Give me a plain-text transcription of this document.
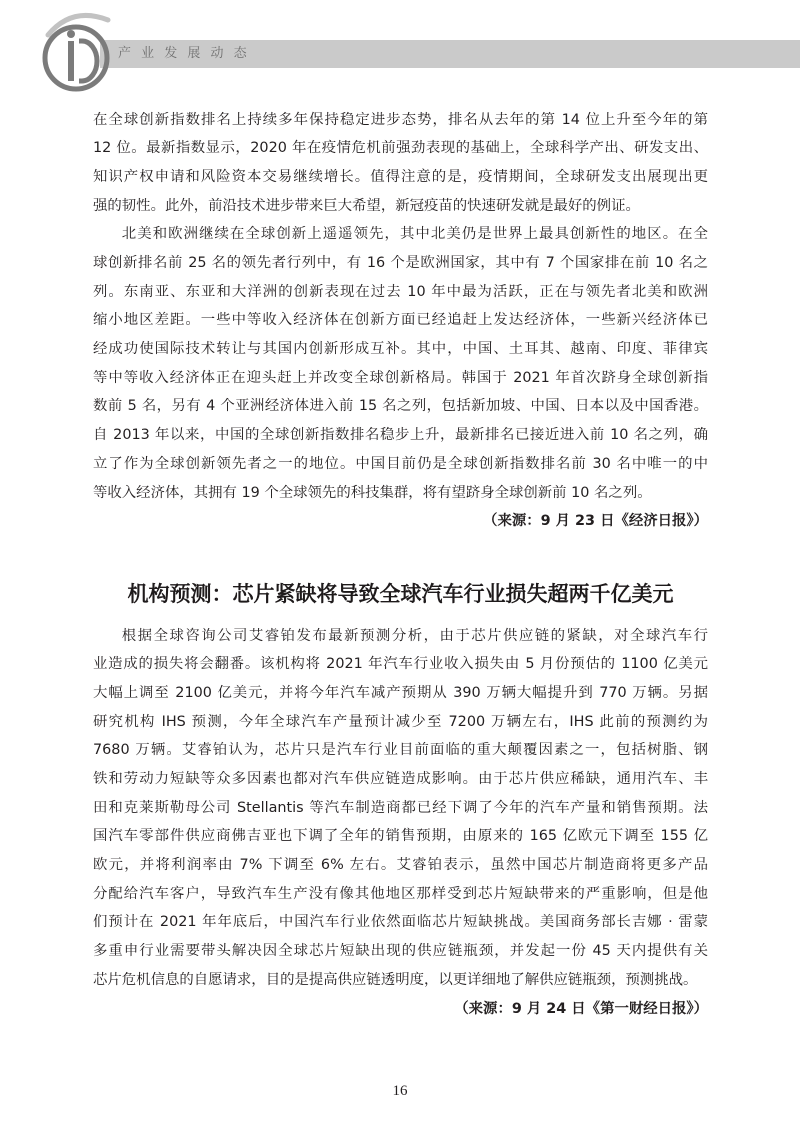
产 业 发 展 动 态
在全球创新指数排名上持续多年保持稳定进步态势，排名从去年的第 14 位上升至今年的第
12 位。最新指数显示，2020 年在疫情危机前强劲表现的基础上，全球科学产出、研发支出、
知识产权申请和风险资本交易继续增长。值得注意的是，疫情期间，全球研发支出展现出更
强的韧性。此外，前沿技术进步带来巨大希望，新冠疫苗的快速研发就是最好的例证。
北美和欧洲继续在全球创新上遥遥领先，其中北美仍是世界上最具创新性的地区。在全
球创新排名前 25 名的领先者行列中，有 16 个是欧洲国家，其中有 7 个国家排在前 10 名之
列。东南亚、东亚和大洋洲的创新表现在过去 10 年中最为活跃，正在与领先者北美和欧洲
缩小地区差距。一些中等收入经济体在创新方面已经追赶上发达经济体，一些新兴经济体已
经成功使国际技术转让与其国内创新形成互补。其中，中国、土耳其、越南、印度、菲律宾
等中等收入经济体正在迎头赶上并改变全球创新格局。韩国于 2021 年首次跻身全球创新指
数前 5 名，另有 4 个亚洲经济体进入前 15 名之列，包括新加坡、中国、日本以及中国香港。
自 2013 年以来，中国的全球创新指数排名稳步上升，最新排名已接近进入前 10 名之列，确
立了作为全球创新领先者之一的地位。中国目前仍是全球创新指数排名前 30 名中唯一的中
等收入经济体，其拥有 19 个全球领先的科技集群，将有望跻身全球创新前 10 名之列。
（来源：9 月 23 日《经济日报》）
机构预测：芯片紧缺将导致全球汽车行业损失超两千亿美元
根据全球咨询公司艾睿铂发布最新预测分析，由于芯片供应链的紧缺，对全球汽车行
业造成的损失将会翻番。该机构将 2021 年汽车行业收入损失由 5 月份预估的 1100 亿美元
大幅上调至 2100 亿美元，并将今年汽车减产预期从 390 万辆大幅提升到 770 万辆。另据
研究机构 IHS 预测，今年全球汽车产量预计减少至 7200 万辆左右，IHS 此前的预测约为
7680 万辆。艾睿铂认为，芯片只是汽车行业目前面临的重大颠覆因素之一，包括树脂、钢
铁和劳动力短缺等众多因素也都对汽车供应链造成影响。由于芯片供应稀缺，通用汽车、丰
田和克莱斯勒母公司 Stellantis 等汽车制造商都已经下调了今年的汽车产量和销售预期。法
国汽车零部件供应商佛吉亚也下调了全年的销售预期，由原来的 165 亿欧元下调至 155 亿
欧元，并将利润率由 7% 下调至 6% 左右。艾睿铂表示，虽然中国芯片制造商将更多产品
分配给汽车客户，导致汽车生产没有像其他地区那样受到芯片短缺带来的严重影响，但是他
们预计在 2021 年年底后，中国汽车行业依然面临芯片短缺挑战。美国商务部长吉娜 · 雷蒙
多重申行业需要带头解决因全球芯片短缺出现的供应链瓶颈，并发起一份 45 天内提供有关
芯片危机信息的自愿请求，目的是提高供应链透明度，以更详细地了解供应链瓶颈，预测挑战。
（来源：9 月 24 日《第一财经日报》）
16
